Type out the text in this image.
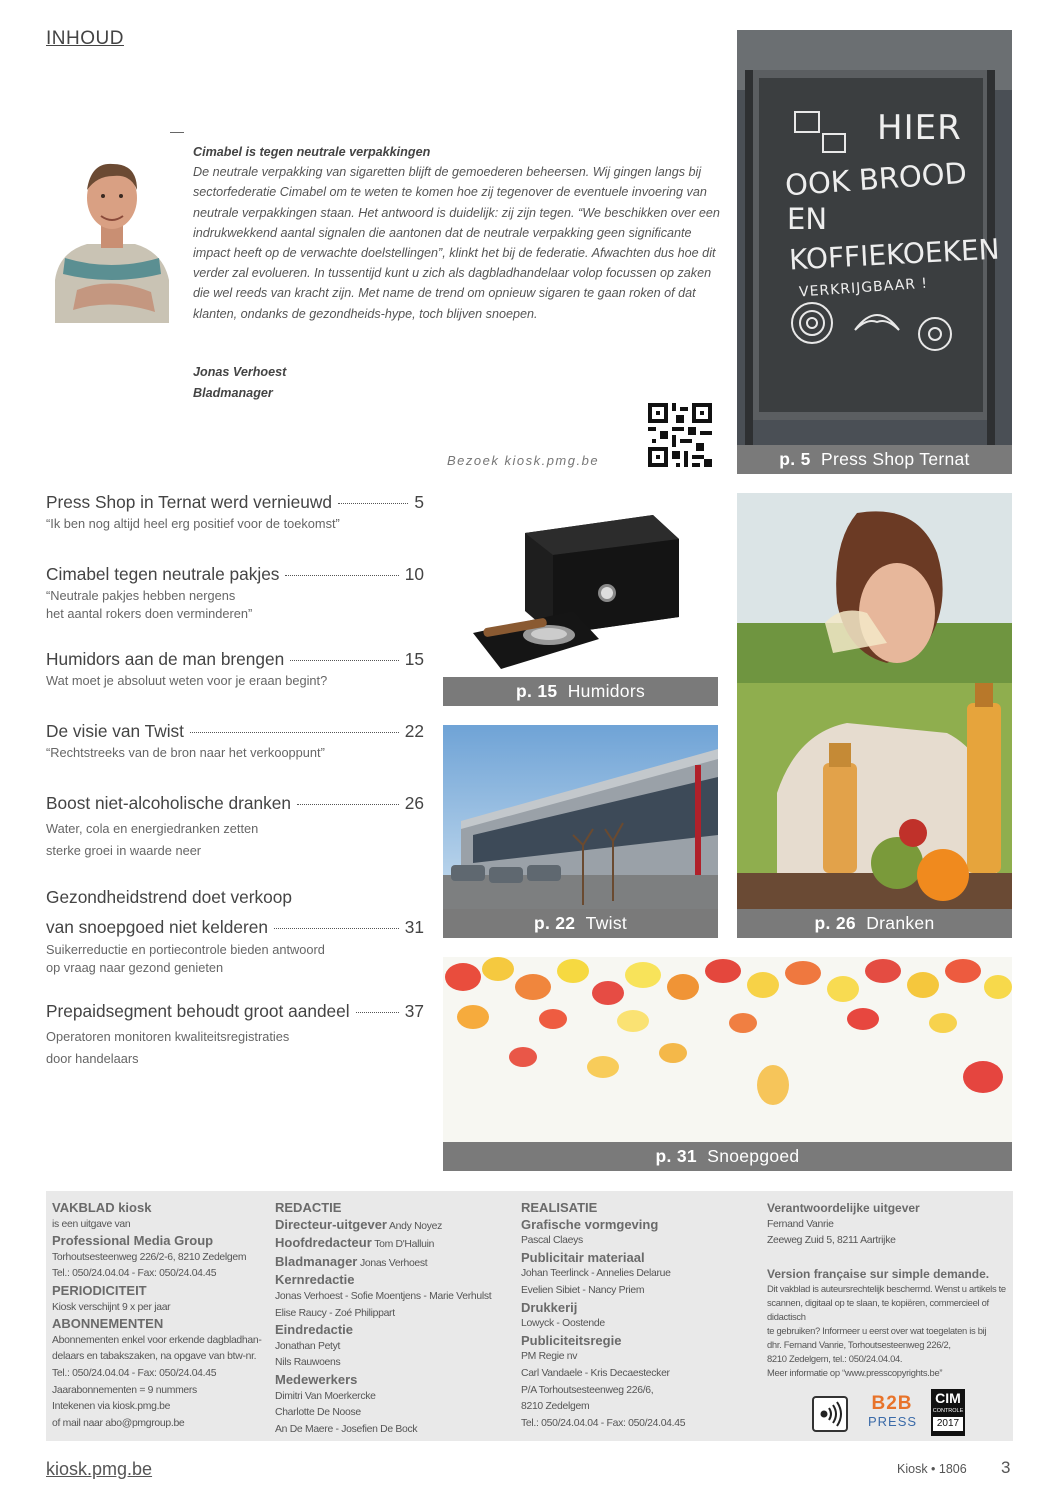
INHOUD
Cimabel is tegen neutrale verpakkingen
De neutrale verpakking van sigaretten blijft de gemoederen beheersen. Wij gingen langs bij sectorfederatie Cimabel om te weten te komen hoe zij tegenover de eventuele invoering van neutrale verpakkingen staan. Het antwoord is duidelijk: zij zijn tegen. “We beschikken over een indrukwekkend aantal signalen die aantonen dat de neutrale verpakking geen significante impact heeft op de verwachte doelstellingen”, klinkt het bij de federatie. Afwachten dus hoe dit verder zal evolueren. In tussentijd kunt u zich als dagbladhandelaar volop focussen op zaken die wel reeds van kracht zijn. Met name de trend om opnieuw sigaren te gaan roken of dat klanten, ondanks de gezondheids-hype, toch blijven snoepen.
Jonas Verhoest
Bladmanager
Bezoek kiosk.pmg.be
HIER
OOK BROOD
EN
KOFFIEKOEKEN
VERKRIJGBAAR !
p. 5 Press Shop Ternat
p. 15 Humidors
p. 22 Twist	p. 26 Dranken
p. 31 Snoepgoed
Press Shop in Ternat werd vernieuwd	5
“Ik ben nog altijd heel erg positief voor de toekomst”
Cimabel tegen neutrale pakjes	10
“Neutrale pakjes hebben nergens
het aantal rokers doen verminderen”
Humidors aan de man brengen	15
Wat moet je absoluut weten voor je eraan begint?
De visie van Twist	22
“Rechtstreeks van de bron naar het verkooppunt”
Boost niet-alcoholische dranken	26
Water, cola en energiedranken zetten
sterke groei in waarde neer
Gezondheidstrend doet verkoop
van snoepgoed niet kelderen	31
Suikerreductie en portiecontrole bieden antwoord
op vraag naar gezond genieten
Prepaidsegment behoudt groot aandeel	37
Operatoren monitoren kwaliteitsregistraties
door handelaars
VAKBLAD kiosk
is een uitgave van
Professional Media Group
Torhoutsesteenweg 226/2-6, 8210 Zedelgem
Tel.: 050/24.04.04 - Fax: 050/24.04.45
PERIODICITEIT
Kiosk verschijnt 9 x per jaar
ABONNEMENTEN
Abonnementen enkel voor erkende dagbladhan-
delaars en tabakszaken, na opgave van btw-nr.
Tel.: 050/24.04.04 - Fax: 050/24.04.45
Jaarabonnementen = 9 nummers
Intekenen via kiosk.pmg.be
of mail naar abo@pmgroup.be
REDACTIE
Directeur-uitgever Andy Noyez
Hoofdredacteur Tom D'Halluin
Bladmanager Jonas Verhoest
Kernredactie
Jonas Verhoest - Sofie Moentjens - Marie Verhulst
Elise Raucy - Zoé Philippart
Eindredactie
Jonathan Petyt
Nils Rauwoens
Medewerkers
Dimitri Van Moerkercke
Charlotte De Noose
An De Maere - Josefien De Bock
REALISATIE
Grafische vormgeving
Pascal Claeys
Publicitair materiaal
Johan Teerlinck - Annelies Delarue
Evelien Sibiet - Nancy Priem
Drukkerij
Lowyck - Oostende
Publiciteitsregie
PM Regie nv
Carl Vandaele - Kris Decaestecker
P/A Torhoutsesteenweg 226/6,
8210 Zedelgem
Tel.: 050/24.04.04 - Fax: 050/24.04.45
Verantwoordelijke uitgever
Fernand Vanrie
Zeeweg Zuid 5, 8211 Aartrijke
Version française sur simple demande.
Dit vakblad is auteursrechtelijk beschermd. Wenst u artikels te
scannen, digitaal op te slaan, te kopiëren, commercieel of didactisch
te gebruiken? Informeer u eerst over wat toegelaten is bij
dhr. Fernand Vanrie, Torhoutsesteenweg 226/2,
8210 Zedelgem, tel.: 050/24.04.04.
Meer informatie op “www.presscopyrights.be”
B2B
PRESS
CIM
CONTROLE
2017
kiosk.pmg.be	Kiosk • 1806 3
